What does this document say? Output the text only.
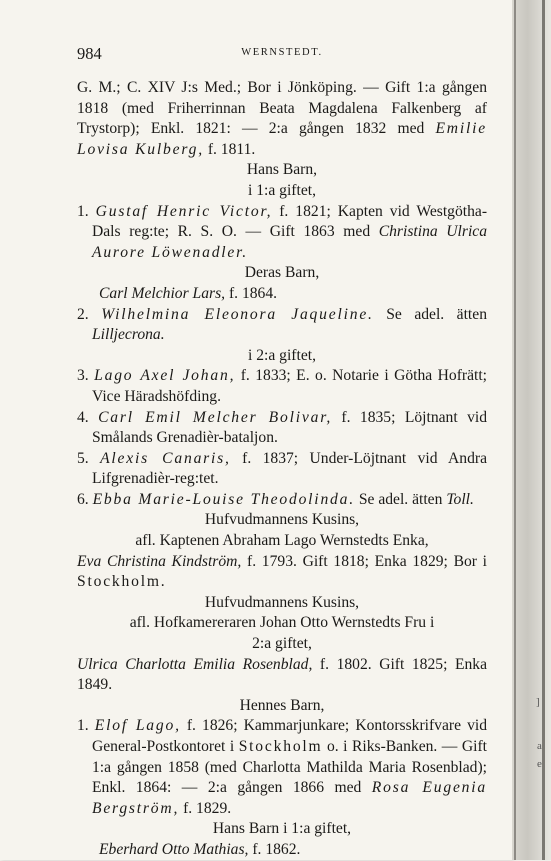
984	WERNSTEDT.

G. M.; C. XIV J:s Med.; Bor i Jönköping. — Gift 1:a gången 1818 (med Friherrinnan Beata Magdalena Falkenberg af Trystorp); Enkl. 1821: — 2:a gången 1832 med Emilie Lovisa Kulberg, f. 1811.

Hans Barn,

i 1:a giftet,

1. Gustaf Henric Victor, f. 1821; Kapten vid Westgötha-Dals reg:te; R. S. O. — Gift 1863 med Christina Ulrica Aurore Löwenadler.

Deras Barn,

Carl Melchior Lars, f. 1864.

2. Wilhelmina Eleonora Jaqueline. Se adel. ätten Lilljecrona.

i 2:a giftet,

3. Lago Axel Johan, f. 1833; E. o. Notarie i Götha Hofrätt; Vice Häradshöfding.

4. Carl Emil Melcher Bolivar, f. 1835; Löjtnant vid Smålands Grenadièr-bataljon.

5. Alexis Canaris, f. 1837; Under-Löjtnant vid Andra Lifgrenadièr-reg:tet.

6. Ebba Marie-Louise Theodolinda. Se adel. ätten Toll.

Hufvudmannens Kusins,

afl. Kaptenen Abraham Lago Wernstedts Enka,

Eva Christina Kindström, f. 1793. Gift 1818; Enka 1829; Bor i Stockholm.

Hufvudmannens Kusins,

afl. Hofkamereraren Johan Otto Wernstedts Fru i

2:a giftet,

Ulrica Charlotta Emilia Rosenblad, f. 1802. Gift 1825; Enka 1849.

Hennes Barn,

1. Elof Lago, f. 1826; Kammarjunkare; Kontorsskrifvare vid General-Postkontoret i Stockholm o. i Riks-Banken. — Gift 1:a gången 1858 (med Charlotta Mathilda Maria Rosenblad); Enkl. 1864: — 2:a gången 1866 med Rosa Eugenia Bergström, f. 1829.

Hans Barn i 1:a giftet,

Eberhard Otto Mathias, f. 1862.

]
a
e
